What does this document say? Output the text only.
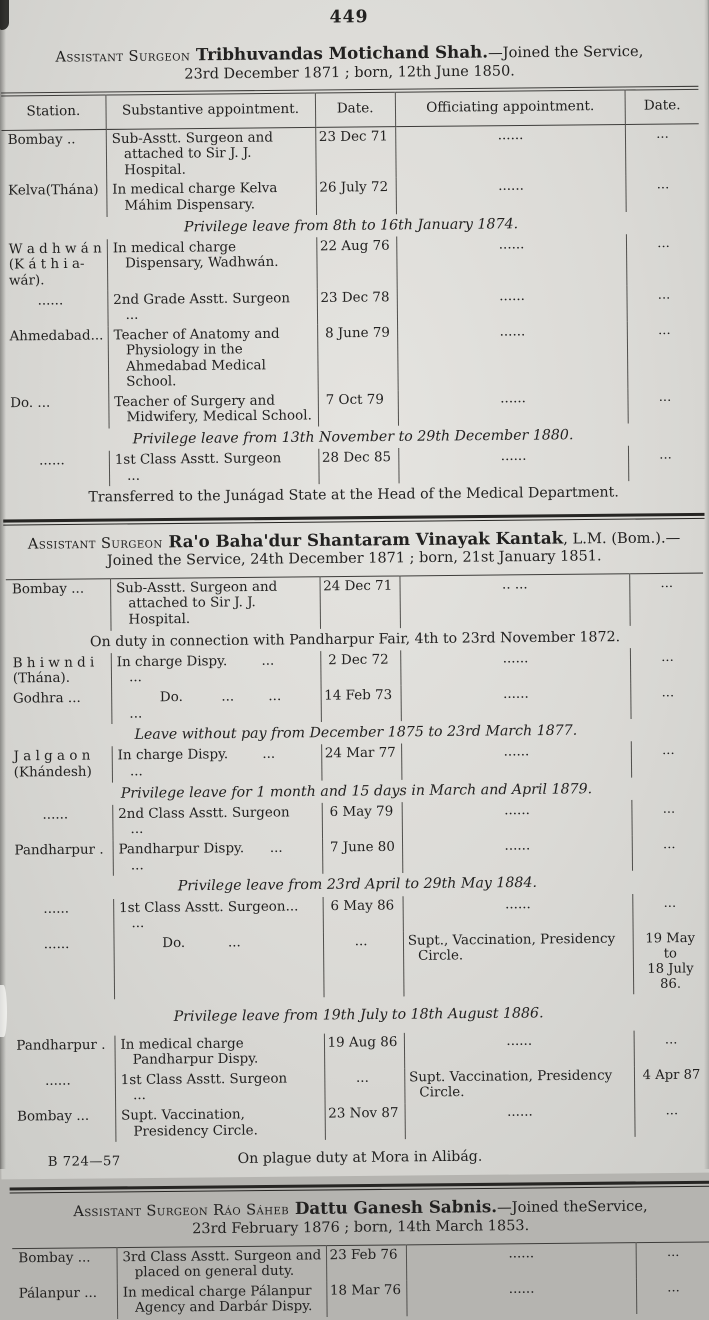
449
Assistant Surgeon Tribhuvandas Motichand Shah.—Joined the Service,
23rd December 1871 ; born, 12th June 1850.
Station.	Substantive appointment.	Date.	Officiating appointment.	Date.
Bombay ..	Sub-Asstt. Surgeon and attached to Sir J. J. Hospital.	23 Dec 71	......	...
Kelva(Thána)	In medical charge Kelva Máhim Dispensary.	26 July 72	......	...
Privilege leave from 8th to 16th January 1874.				
W a d h w á n
(K á t h i a-
wár).	In medical charge Dispensary, Wadhwán.	22 Aug 76	......	...
......	2nd Grade Asstt. Surgeon      ...	23 Dec 78	......	...
Ahmedabad...	Teacher of Anatomy and Physiology in the Ahmedabad Medical School.	8 June 79	......	...
Do. ...	Teacher of Surgery and Midwifery, Medical School.	7 Oct 79	......	...
Privilege leave from 13th November to 29th December 1880.				
......	1st Class Asstt. Surgeon      ...	28 Dec 85	......	...
Transferred to the Junágad State at the Head of the Medical Department.				
Assistant Surgeon Ra'o Baha'dur Shantaram Vinayak Kantak, L.M. (Bom.).—
Joined the Service, 24th December 1871 ; born, 21st January 1851.
Bombay ...	Sub-Asstt. Surgeon and attached to Sir J. J. Hospital.	24 Dec 71	.. ...	...
On duty in connection with Pandharpur Fair, 4th to 23rd November 1872.				
B h i w n d i
(Thána).	In charge Dispy.        ...       ...	2 Dec 72	......	...
Godhra ...	Do.         ...        ...       ...	14 Feb 73	......	...
Leave without pay from December 1875 to 23rd March 1877.				
J a l g a o n
(Khándesh)	In charge Dispy.        ...       ...	24 Mar 77	......	...
Privilege leave for 1 month and 15 days in March and April 1879.				
......	2nd Class Asstt. Surgeon      ...	6 May 79	......	...
Pandharpur .	Pandharpur Dispy.      ...      ...	7 June 80	......	...
Privilege leave from 23rd April to 29th May 1884.				
......	1st Class Asstt. Surgeon...      ...	6 May 86	......	...
......	Do.          ...	...	Supt., Vaccination, Presidency Circle.	19 May to
18 July 86.
Privilege leave from 19th July to 18th August 1886.				
Pandharpur .	In medical charge Pandharpur Dispy.	19 Aug 86	......	...
......	1st Class Asstt. Surgeon        ...	...	Supt. Vaccination, Presidency Circle.	4 Apr 87
Bombay ...	Supt. Vaccination, Presidency Circle.	23 Nov 87	......	...
On plague duty at Mora in Alibág.				
Assistant Surgeon Ráo Sáheb Dattu Ganesh Sabnis.—Joined theService,
23rd February 1876 ; born, 14th March 1853.
Bombay ...	3rd Class Asstt. Surgeon and placed on general duty.	23 Feb 76	......	...
Pálanpur ...	In medical charge Pálanpur Agency and Darbár Dispy.	18 Mar 76	......	...
B 724—57
